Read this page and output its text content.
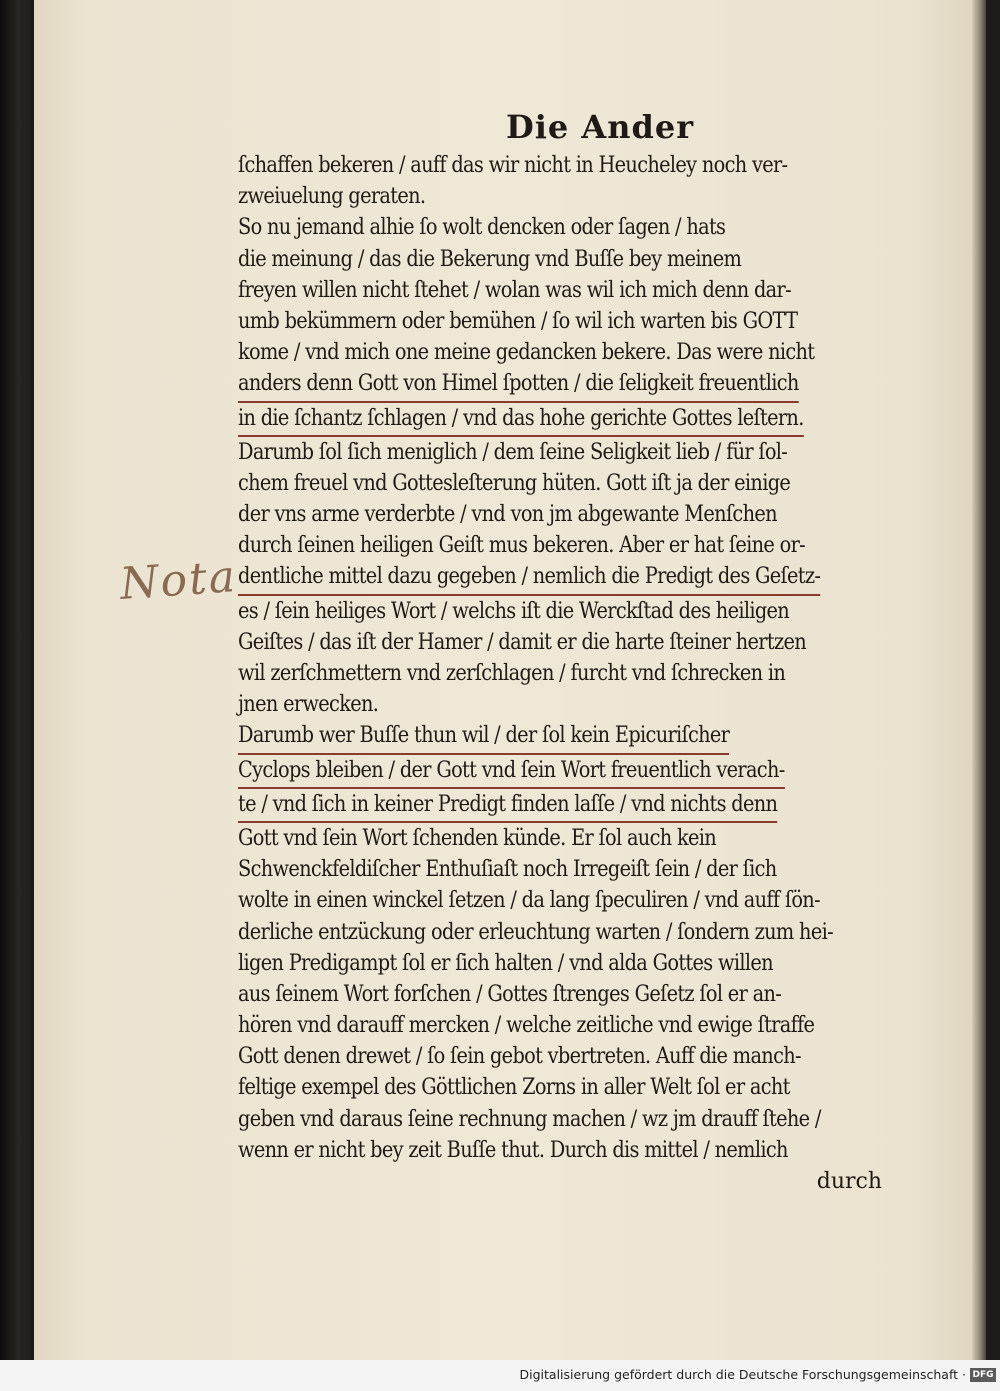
Die Ander
Nota
ſchaffen bekeren / auff das wir nicht in Heucheley noch ver-
zweiuelung geraten.
So nu jemand alhie ſo wolt dencken oder ſagen / hats
die meinung / das die Bekerung vnd Buſſe bey meinem
freyen willen nicht ſtehet / wolan was wil ich mich denn dar-
umb bekümmern oder bemühen / ſo wil ich warten bis GOTT
kome / vnd mich one meine gedancken bekere. Das were nicht
anders denn Gott von Himel ſpotten / die ſeligkeit freuentlich in die ſchantz ſchlagen / vnd das hohe gerichte Gottes leſtern.
Darumb ſol ſich meniglich / dem ſeine Seligkeit lieb / für ſol-
chem freuel vnd Gottesleſterung hüten. Gott iſt ja der einige
der vns arme verderbte / vnd von jm abgewante Menſchen
durch ſeinen heiligen Geiſt mus bekeren. Aber er hat ſeine or-
dentliche mittel dazu gegeben / nemlich die Predigt des Geſetz-
es / ſein heiliges Wort / welchs iſt die Werckſtad des heiligen
Geiſtes / das iſt der Hamer / damit er die harte ſteiner hertzen
wil zerſchmettern vnd zerſchlagen / furcht vnd ſchrecken in
jnen erwecken.
Darumb wer Buſſe thun wil / der ſol kein Epicuriſcher Cyclops bleiben / der Gott vnd ſein Wort freuentlich verach- te / vnd ſich in keiner Predigt finden laſſe / vnd nichts denn
Gott vnd ſein Wort ſchenden künde. Er ſol auch kein
Schwenckfeldiſcher Enthuſiaſt noch Irregeiſt ſein / der ſich
wolte in einen winckel ſetzen / da lang ſpeculiren / vnd auff ſön-
derliche entzückung oder erleuchtung warten / ſondern zum hei-
ligen Predigampt ſol er ſich halten / vnd alda Gottes willen
aus ſeinem Wort forſchen / Gottes ſtrenges Geſetz ſol er an-
hören vnd darauff mercken / welche zeitliche vnd ewige ſtraffe
Gott denen drewet / ſo ſein gebot vbertreten. Auff die manch-
feltige exempel des Göttlichen Zorns in aller Welt ſol er acht
geben vnd daraus ſeine rechnung machen / wz jm drauff ſtehe /
wenn er nicht bey zeit Buſſe thut. Durch dis mittel / nemlich
durch
Digitalisierung gefördert durch die Deutsche Forschungsgemeinschaft · DFG
